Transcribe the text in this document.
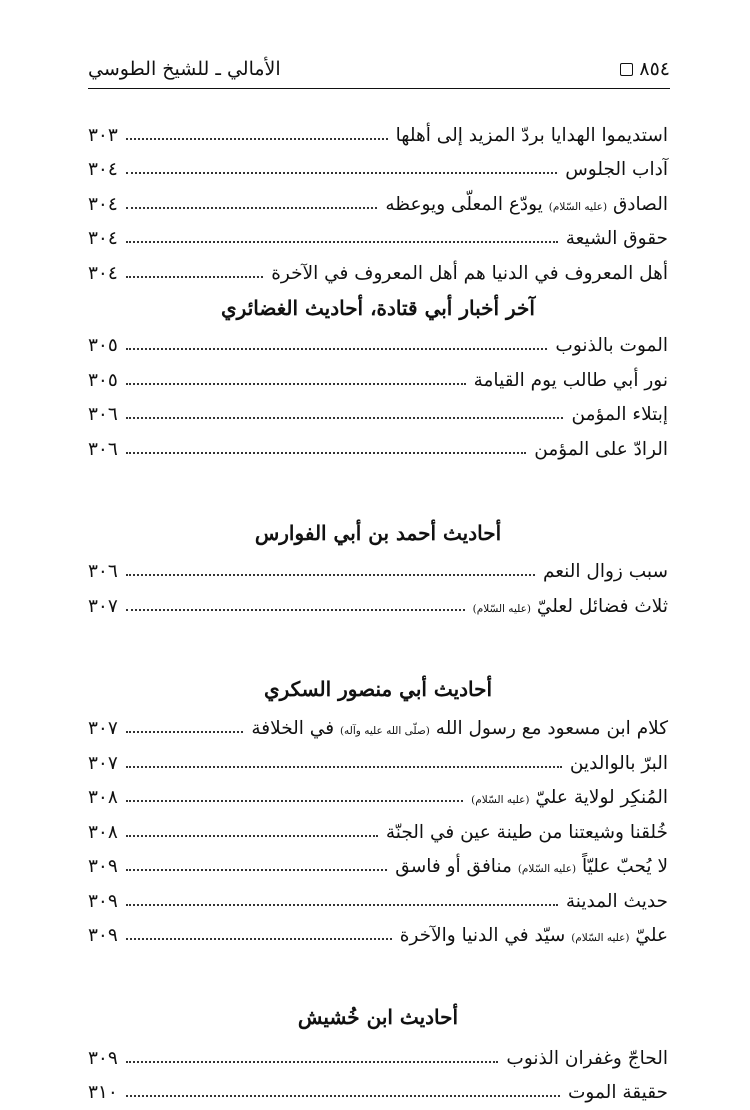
٨٥٤
الأمالي ـ للشيخ الطوسي
استديموا الهدايا بردّ المزيد إلى أهلها
٣٠٣
آداب الجلوس
٣٠٤
الصادق (عليه السّلام) يودّع المعلّى ويوعظه
٣٠٤
حقوق الشيعة
٣٠٤
أهل المعروف في الدنيا هم أهل المعروف في الآخرة
٣٠٤
آخر أخبار أبي قتادة، أحاديث الغضائري
الموت بالذنوب
٣٠٥
نور أبي طالب يوم القيامة
٣٠٥
إبتلاء المؤمن
٣٠٦
الرادّ على المؤمن
٣٠٦
أحاديث أحمد بن أبي الفوارس
سبب زوال النعم
٣٠٦
ثلاث فضائل لعليّ (عليه السّلام)
٣٠٧
أحاديث أبي منصور السكري
كلام ابن مسعود مع رسول الله (صلّى الله عليه وآله) في الخلافة
٣٠٧
البرّ بالوالدين
٣٠٧
المُنكِر لولاية عليّ (عليه السّلام)
٣٠٨
خُلقنا وشيعتنا من طينة عين في الجنّة
٣٠٨
لا يُحبّ عليّاً (عليه السّلام) منافق أو فاسق
٣٠٩
حديث المدينة
٣٠٩
عليّ (عليه السّلام) سيّد في الدنيا والآخرة
٣٠٩
أحاديث ابن خُشيش
الحاجّ وغفران الذنوب
٣٠٩
حقيقة الموت
٣١٠
